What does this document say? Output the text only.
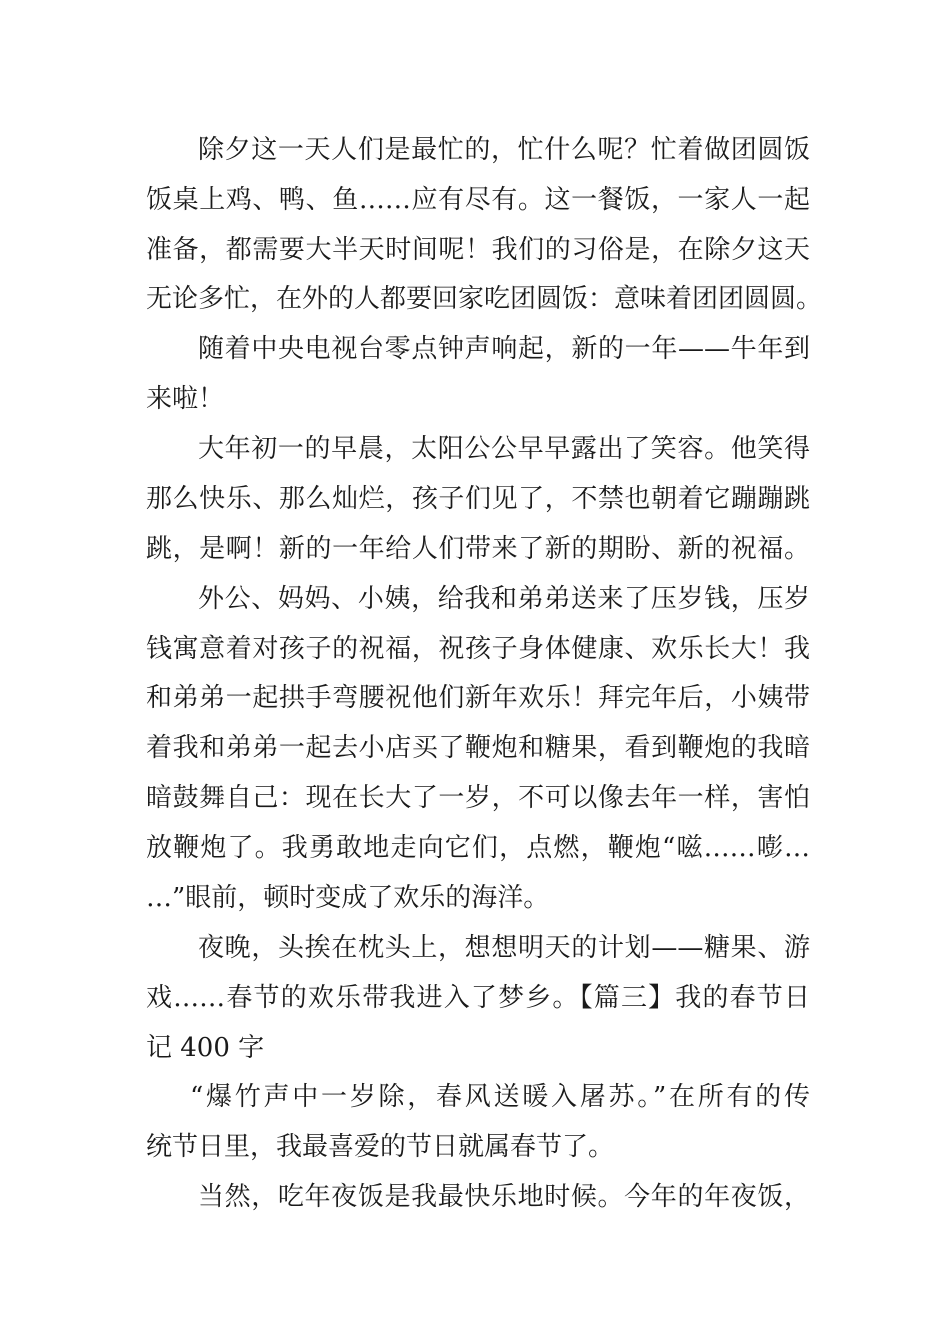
除夕这一天人们是最忙的，忙什么呢？忙着做团圆饭
饭桌上鸡、鸭、鱼……应有尽有。这一餐饭，一家人一起
准备，都需要大半天时间呢！我们的习俗是，在除夕这天
无论多忙，在外的人都要回家吃团圆饭：意味着团团圆圆。
随着中央电视台零点钟声响起，新的一年——牛年到
来啦！
大年初一的早晨，太阳公公早早露出了笑容。他笑得
那么快乐、那么灿烂，孩子们见了，不禁也朝着它蹦蹦跳
跳，是啊！新的一年给人们带来了新的期盼、新的祝福。
外公、妈妈、小姨，给我和弟弟送来了压岁钱，压岁
钱寓意着对孩子的祝福，祝孩子身体健康、欢乐长大！我
和弟弟一起拱手弯腰祝他们新年欢乐！拜完年后，小姨带
着我和弟弟一起去小店买了鞭炮和糖果，看到鞭炮的我暗
暗鼓舞自己：现在长大了一岁，不可以像去年一样，害怕
放鞭炮了。我勇敢地走向它们，点燃，鞭炮“嗞……嘭…
…”眼前，顿时变成了欢乐的海洋。
夜晚，头挨在枕头上，想想明天的计划——糖果、游
戏……春节的欢乐带我进入了梦乡。【篇三】我的春节日
记 400 字
“爆竹声中一岁除，春风送暖入屠苏。”在所有的传
统节日里，我最喜爱的节日就属春节了。
当然，吃年夜饭是我最快乐地时候。今年的年夜饭，
